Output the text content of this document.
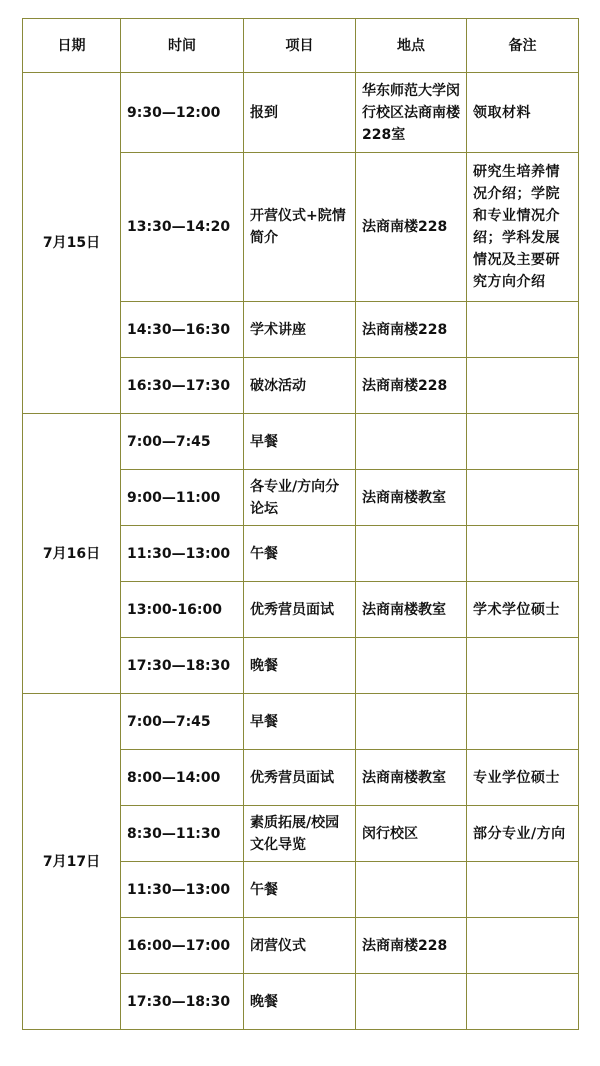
日期	时间	项目	地点	备注
7月15日	9:30—12:00	报到	华东师范大学闵行校区法商南楼228室	领取材料
	13:30—14:20	开营仪式+院情简介	法商南楼228	研究生培养情况介绍；学院和专业情况介绍；学科发展情况及主要研究方向介绍
	14:30—16:30	学术讲座	法商南楼228	
	16:30—17:30	破冰活动	法商南楼228	
7月16日	7:00—7:45	早餐		
	9:00—11:00	各专业/方向分论坛	法商南楼教室	
	11:30—13:00	午餐		
	13:00-16:00	优秀营员面试	法商南楼教室	学术学位硕士
	17:30—18:30	晚餐		
7月17日	7:00—7:45	早餐		
	8:00—14:00	优秀营员面试	法商南楼教室	专业学位硕士
	8:30—11:30	素质拓展/校园文化导览	闵行校区	部分专业/方向
	11:30—13:00	午餐		
	16:00—17:00	闭营仪式	法商南楼228	
	17:30—18:30	晚餐		
